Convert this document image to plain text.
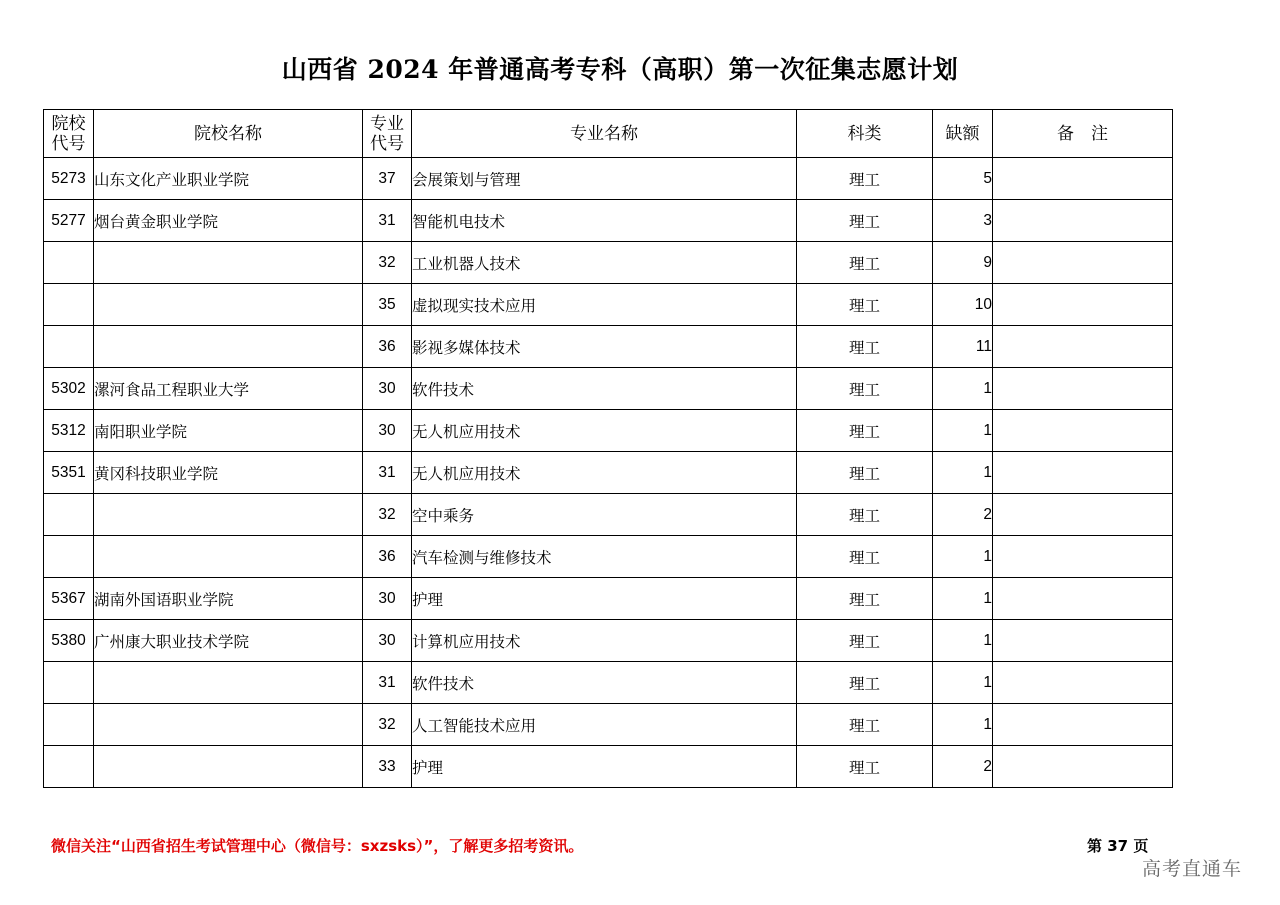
山西省 2024 年普通高考专科（高职）第一次征集志愿计划
院校代号	院校名称	专业代号	专业名称	科类	缺额	备　注
5273	山东文化产业职业学院	37	会展策划与管理	理工	5	
5277	烟台黄金职业学院	31	智能机电技术	理工	3	
		32	工业机器人技术	理工	9	
		35	虚拟现实技术应用	理工	10	
		36	影视多媒体技术	理工	11	
5302	漯河食品工程职业大学	30	软件技术	理工	1	
5312	南阳职业学院	30	无人机应用技术	理工	1	
5351	黄冈科技职业学院	31	无人机应用技术	理工	1	
		32	空中乘务	理工	2	
		36	汽车检测与维修技术	理工	1	
5367	湖南外国语职业学院	30	护理	理工	1	
5380	广州康大职业技术学院	30	计算机应用技术	理工	1	
		31	软件技术	理工	1	
		32	人工智能技术应用	理工	1	
		33	护理	理工	2	
微信关注“山西省招生考试管理中心（微信号：sxzsks）”，了解更多招考资讯。	第 37 页
高考直通车
